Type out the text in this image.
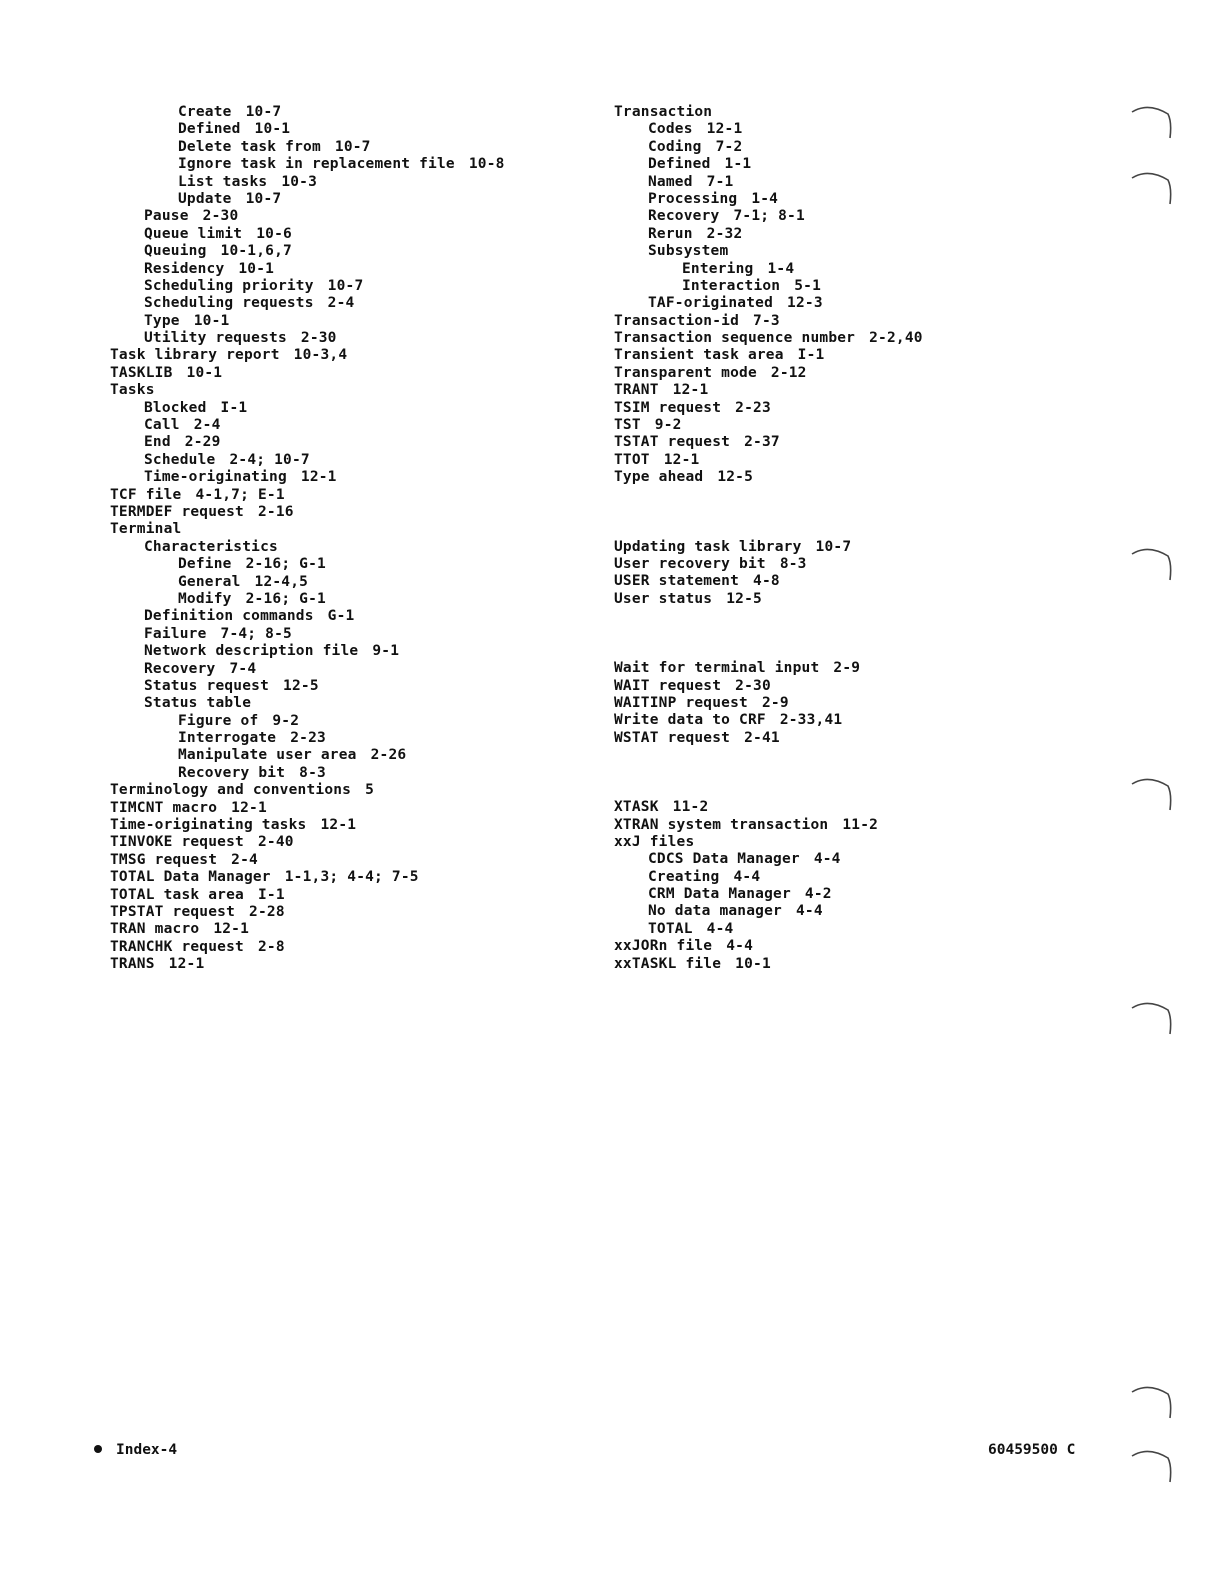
Create 10-7
Defined 10-1
Delete task from 10-7
Ignore task in replacement file 10-8
List tasks 10-3
Update 10-7
Pause 2-30
Queue limit 10-6
Queuing 10-1,6,7
Residency 10-1
Scheduling priority 10-7
Scheduling requests 2-4
Type 10-1
Utility requests 2-30
Task library report 10-3,4
TASKLIB 10-1
Tasks
Blocked I-1
Call 2-4
End 2-29
Schedule 2-4; 10-7
Time-originating 12-1
TCF file 4-1,7; E-1
TERMDEF request 2-16
Terminal
Characteristics
Define 2-16; G-1
General 12-4,5
Modify 2-16; G-1
Definition commands G-1
Failure 7-4; 8-5
Network description file 9-1
Recovery 7-4
Status request 12-5
Status table
Figure of 9-2
Interrogate 2-23
Manipulate user area 2-26
Recovery bit 8-3
Terminology and conventions 5
TIMCNT macro 12-1
Time-originating tasks 12-1
TINVOKE request 2-40
TMSG request 2-4
TOTAL Data Manager 1-1,3; 4-4; 7-5
TOTAL task area I-1
TPSTAT request 2-28
TRAN macro 12-1
TRANCHK request 2-8
TRANS 12-1
Transaction
Codes 12-1
Coding 7-2
Defined 1-1
Named 7-1
Processing 1-4
Recovery 7-1; 8-1
Rerun 2-32
Subsystem
Entering 1-4
Interaction 5-1
TAF-originated 12-3
Transaction-id 7-3
Transaction sequence number 2-2,40
Transient task area I-1
Transparent mode 2-12
TRANT 12-1
TSIM request 2-23
TST 9-2
TSTAT request 2-37
TTOT 12-1
Type ahead 12-5
Updating task library 10-7
User recovery bit 8-3
USER statement 4-8
User status 12-5
Wait for terminal input 2-9
WAIT request 2-30
WAITINP request 2-9
Write data to CRF 2-33,41
WSTAT request 2-41
XTASK 11-2
XTRAN system transaction 11-2
xxJ files
CDCS Data Manager 4-4
Creating 4-4
CRM Data Manager 4-2
No data manager 4-4
TOTAL 4-4
xxJORn file 4-4
xxTASKL file 10-1
Index-4	60459500 C
